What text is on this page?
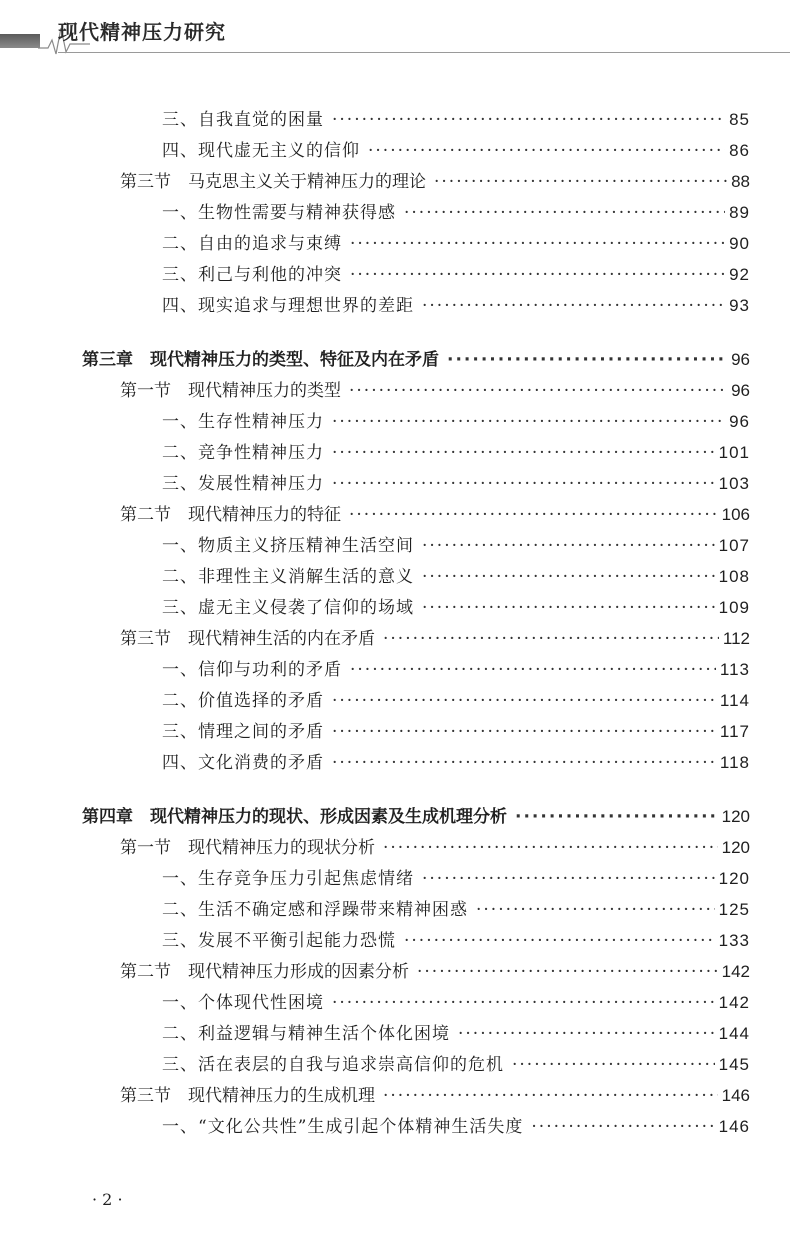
现代精神压力研究
三、自我直觉的困量 ·····	85
四、现代虚无主义的信仰 ·····	86
第三节　马克思主义关于精神压力的理论 ·····	88
一、生物性需要与精神获得感 ·····	89
二、自由的追求与束缚 ·····	90
三、利己与利他的冲突 ·····	92
四、现实追求与理想世界的差距 ·····	93
第三章　现代精神压力的类型、特征及内在矛盾 ·····	96
第一节　现代精神压力的类型 ·····	96
一、生存性精神压力 ·····	96
二、竞争性精神压力 ·····	101
三、发展性精神压力 ·····	103
第二节　现代精神压力的特征 ·····	106
一、物质主义挤压精神生活空间 ·····	107
二、非理性主义消解生活的意义 ·····	108
三、虚无主义侵袭了信仰的场域 ·····	109
第三节　现代精神生活的内在矛盾 ·····	112
一、信仰与功利的矛盾 ·····	113
二、价值选择的矛盾 ·····	114
三、情理之间的矛盾 ·····	117
四、文化消费的矛盾 ·····	118
第四章　现代精神压力的现状、形成因素及生成机理分析 ·····	120
第一节　现代精神压力的现状分析 ·····	120
一、生存竞争压力引起焦虑情绪 ·····	120
二、生活不确定感和浮躁带来精神困惑 ·····	125
三、发展不平衡引起能力恐慌 ·····	133
第二节　现代精神压力形成的因素分析 ·····	142
一、个体现代性困境 ·····	142
二、利益逻辑与精神生活个体化困境 ·····	144
三、活在表层的自我与追求崇高信仰的危机 ·····	145
第三节　现代精神压力的生成机理 ·····	146
一、“文化公共性”生成引起个体精神生活失度 ·····	146
· 2 ·
